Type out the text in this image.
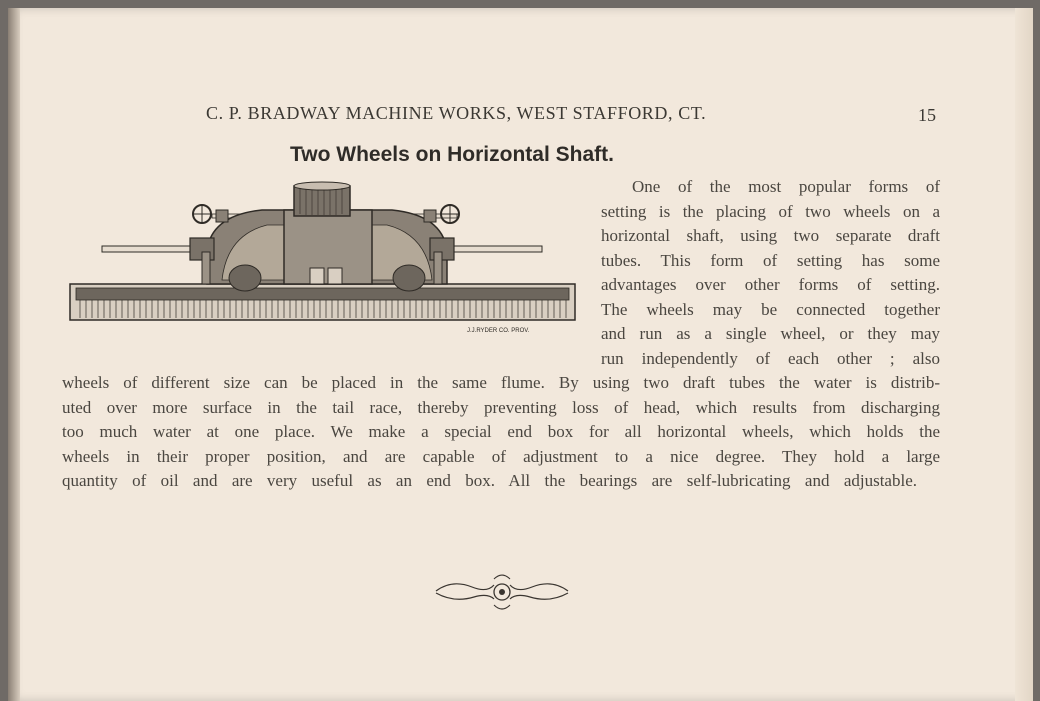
C. P. BRADWAY MACHINE WORKS, WEST STAFFORD, CT.	15
Two Wheels on Horizontal Shaft.
J.J.RYDER CO. PROV.
One of the most popular forms of
setting is the placing of two wheels on a
horizontal shaft, using two separate draft
tubes. This form of setting has some
advantages over other forms of setting.
The wheels may be connected together
and run as a single wheel, or they may
run independently of each other ; also
wheels of different size can be placed in the same flume. By using two draft tubes the water is distrib-
uted over more surface in the tail race, thereby preventing loss of head, which results from discharging
too much water at one place. We make a special end box for all horizontal wheels, which holds the
wheels in their proper position, and are capable of adjustment to a nice degree. They hold a large
quantity of oil and are very useful as an end box. All the bearings are self-lubricating and adjustable.
